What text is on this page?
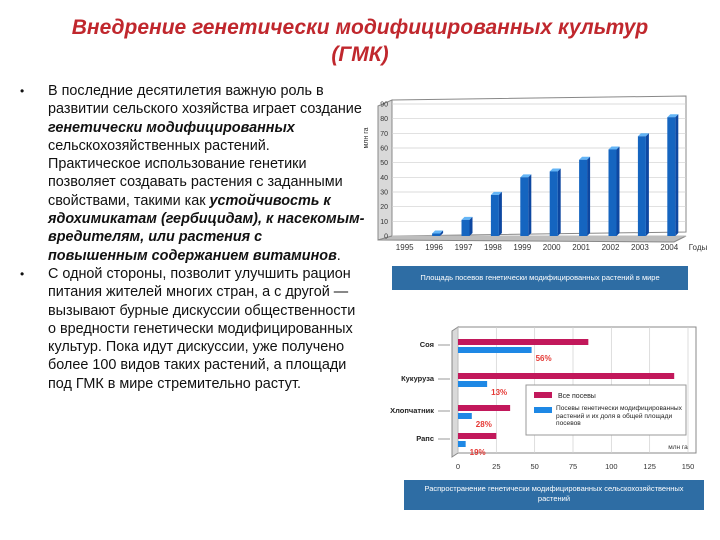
Внедрение генетически модифицированных культур
(ГМК)
• В последние десятилетия важную роль в развитии сельского хозяйства играет создание генетически модифицированных сельскохозяйственных растений. Практическое использование генетики позволяет создавать растения с заданными свойствами, такими как устойчивость к ядохимикатам (гербицидам), к насекомым-вредителям, или растения с повышенным содержанием витаминов.
• С одной стороны, позволит улучшить рацион питания жителей многих стран, а с другой — вызывают бурные дискуссии общественности о вредности генетически модифицированных культур. Пока идут дискуссии, уже получено более 100 видов таких растений, а площади под ГМК в мире стремительно растут.
0
10
20
30
40
50
60
70
80
90
1995 1996 1997 1998 1999 2000 2001 2002 2003 2004
млн га
Годы
Площадь посевов генетически модифицированных растений в мире
Соя
Кукуруза
Хлопчатник
Рапс
56%
13%
28%
19%
0	25	50	75	100	125	150
Все посевы
Посевы генетически модифицированных растений и их доля в общей площади посевов
млн га
Распространение генетически модифицированных сельскохозяйственных растений
